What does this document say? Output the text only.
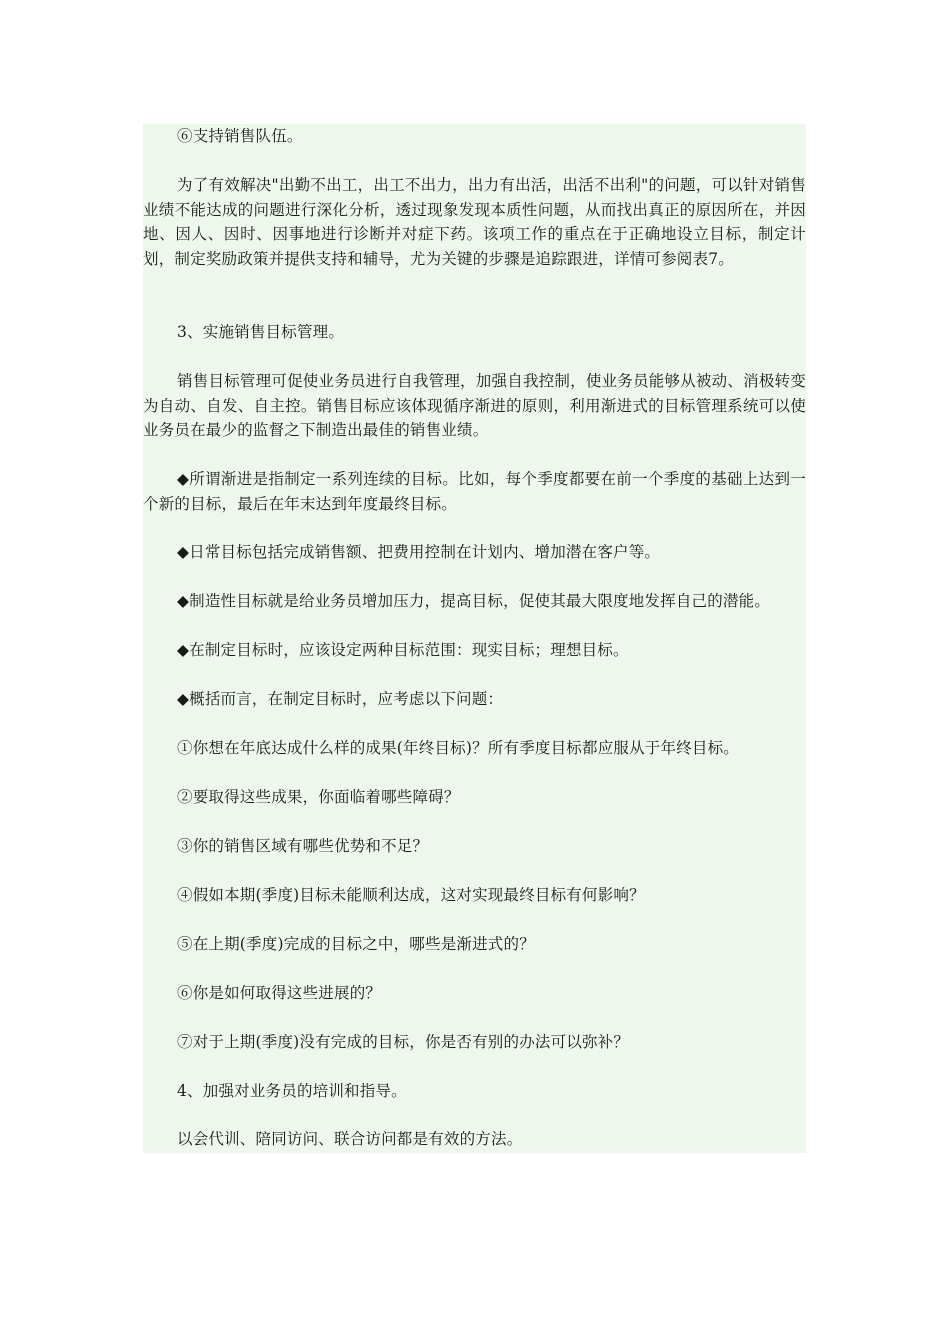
⑥支持销售队伍。

为了有效解决"出勤不出工，出工不出力，出力有出活，出活不出利"的问题，可以针对销售业绩不能达成的问题进行深化分析，透过现象发现本质性问题，从而找出真正的原因所在，并因地、因人、因时、因事地进行诊断并对症下药。该项工作的重点在于正确地设立目标，制定计划，制定奖励政策并提供支持和辅导，尤为关键的步骤是追踪跟进，详情可参阅表7。

3、实施销售目标管理。

销售目标管理可促使业务员进行自我管理，加强自我控制，使业务员能够从被动、消极转变为自动、自发、自主控。销售目标应该体现循序渐进的原则，利用渐进式的目标管理系统可以使业务员在最少的监督之下制造出最佳的销售业绩。

◆所谓渐进是指制定一系列连续的目标。比如，每个季度都要在前一个季度的基础上达到一个新的目标，最后在年末达到年度最终目标。

◆日常目标包括完成销售额、把费用控制在计划内、增加潜在客户等。

◆制造性目标就是给业务员增加压力，提高目标，促使其最大限度地发挥自己的潜能。

◆在制定目标时，应该设定两种目标范围：现实目标；理想目标。

◆概括而言，在制定目标时，应考虑以下问题：

①你想在年底达成什么样的成果(年终目标)？所有季度目标都应服从于年终目标。

②要取得这些成果，你面临着哪些障碍？

③你的销售区域有哪些优势和不足？

④假如本期(季度)目标未能顺利达成，这对实现最终目标有何影响？

⑤在上期(季度)完成的目标之中，哪些是渐进式的？

⑥你是如何取得这些进展的？

⑦对于上期(季度)没有完成的目标，你是否有别的办法可以弥补？

4、加强对业务员的培训和指导。

以会代训、陪同访问、联合访问都是有效的方法。
